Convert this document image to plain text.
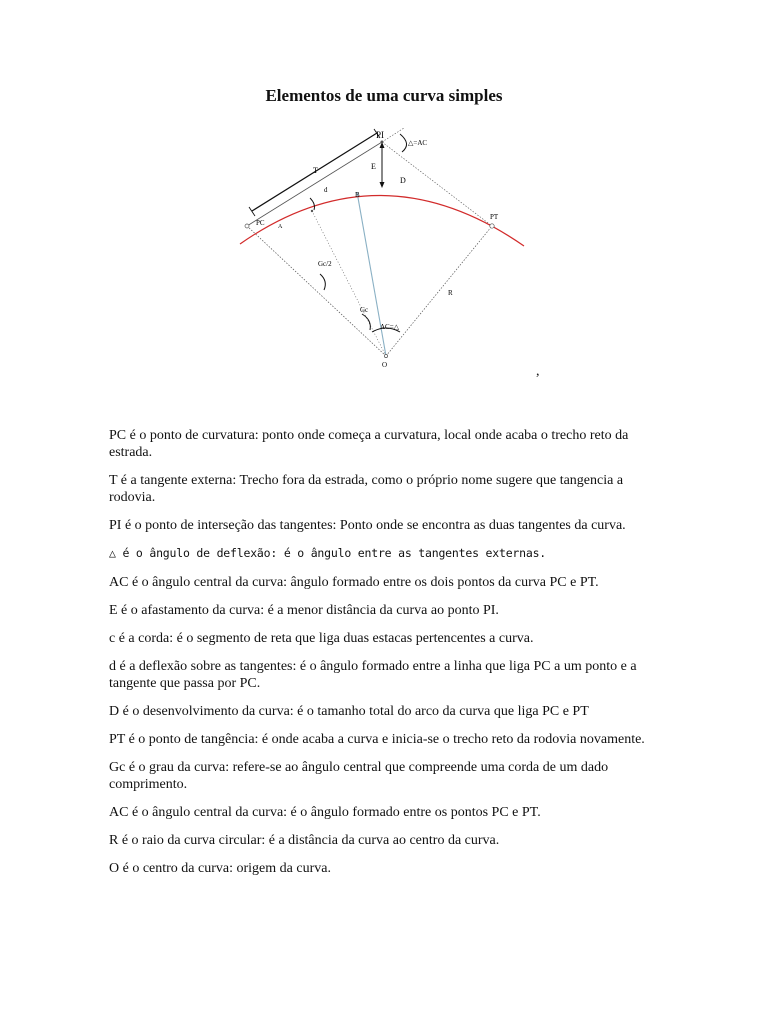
Elementos de uma curva simples
PI
△=AC
E
T
d
B
D
PC A
PT
Gc/2
R
Gc
AC=△
O	,

PC é o ponto de curvatura: ponto onde começa a curvatura, local onde acaba o trecho reto da estrada.

T é a tangente externa: Trecho fora da estrada, como o próprio nome sugere que tangencia a rodovia.

PI é o ponto de interseção das tangentes: Ponto onde se encontra as duas tangentes da curva.

△ é o ângulo de deflexão: é o ângulo entre as tangentes externas.

AC é o ângulo central da curva: ângulo formado entre os dois pontos da curva PC e PT.

E é o afastamento da curva: é a menor distância da curva ao ponto PI.

c é a corda: é o segmento de reta que liga duas estacas pertencentes a curva.

d é a deflexão sobre as tangentes: é o ângulo formado entre a linha que liga PC a um ponto e a tangente que passa por PC.

D é o desenvolvimento da curva: é o tamanho total do arco da curva que liga PC e PT

PT é o ponto de tangência: é onde acaba a curva e inicia-se o trecho reto da rodovia novamente.

Gc é o grau da curva: refere-se ao ângulo central que compreende uma corda de um dado comprimento.

AC é o ângulo central da curva: é o ângulo formado entre os pontos PC e PT.

R é o raio da curva circular: é a distância da curva ao centro da curva.

O é o centro da curva: origem da curva.
